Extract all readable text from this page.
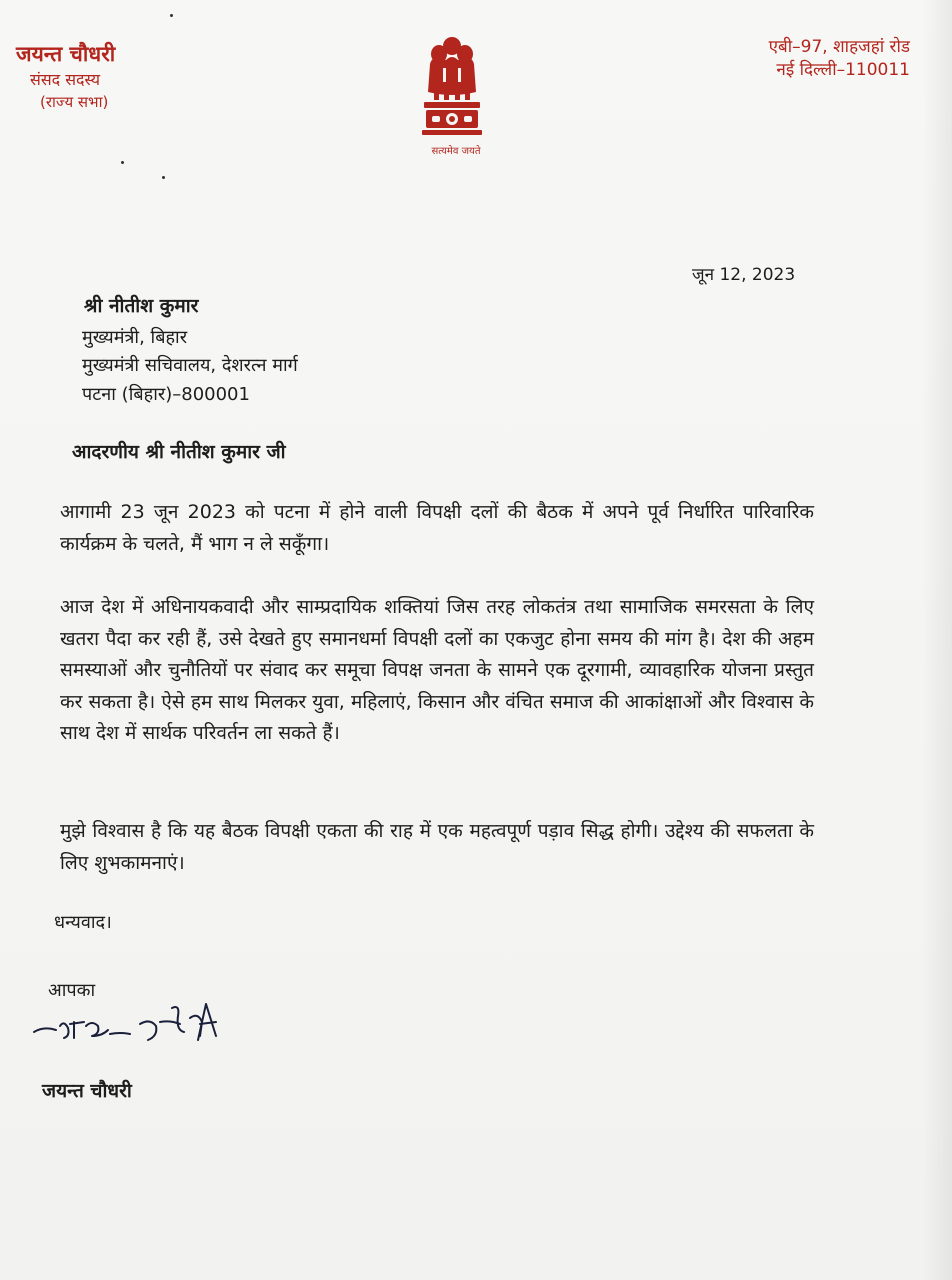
जयन्त चौधरी
संसद सदस्य
(राज्य सभा)
सत्यमेव जयते
एबी–97, शाहजहां रोड
नई दिल्ली–110011
जून 12, 2023
श्री नीतीश कुमार
मुख्यमंत्री, बिहार
मुख्यमंत्री सचिवालय, देशरत्न मार्ग
पटना (बिहार)–800001
आदरणीय श्री नीतीश कुमार जी
आगामी 23 जून 2023 को पटना में होने वाली विपक्षी दलों की बैठक में अपने पूर्व निर्धारित पारिवारिक कार्यक्रम के चलते, मैं भाग न ले सकूँगा।
आज देश में अधिनायकवादी और साम्प्रदायिक शक्तियां जिस तरह लोकतंत्र तथा सामाजिक समरसता के लिए खतरा पैदा कर रही हैं, उसे देखते हुए समानधर्मा विपक्षी दलों का एकजुट होना समय की मांग है। देश की अहम समस्याओं और चुनौतियों पर संवाद कर समूचा विपक्ष जनता के सामने एक दूरगामी, व्यावहारिक योजना प्रस्तुत कर सकता है। ऐसे हम साथ मिलकर युवा, महिलाएं, किसान और वंचित समाज की आकांक्षाओं और विश्वास के साथ देश में सार्थक परिवर्तन ला सकते हैं।
मुझे विश्वास है कि यह बैठक विपक्षी एकता की राह में एक महत्वपूर्ण पड़ाव सिद्ध होगी। उद्देश्य की सफलता के लिए शुभकामनाएं।
धन्यवाद।
आपका
जयन्त चौधरी
